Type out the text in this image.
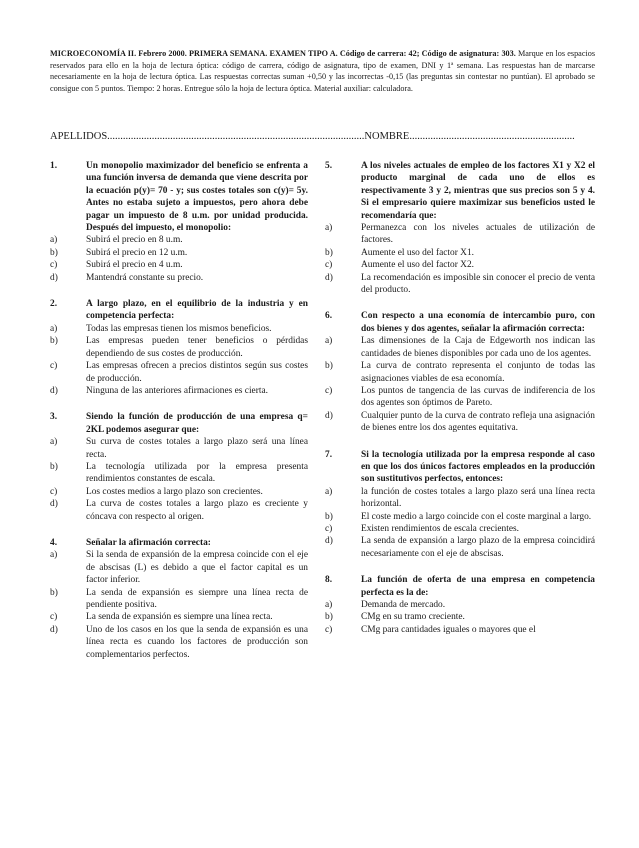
MICROECONOMÍA II. Febrero 2000. PRIMERA SEMANA. EXAMEN TIPO A. Código de carrera: 42; Código de asignatura: 303. Marque en los espacios reservados para ello en la hoja de lectura óptica: código de carrera, código de asignatura, tipo de examen, DNI y 1ª semana. Las respuestas han de marcarse necesariamente en la hoja de lectura óptica. Las respuestas correctas suman +0,50 y las incorrectas -0,15 (las preguntas sin contestar no puntúan). El aprobado se consigue con 5 puntos. Tiempo: 2 horas. Entregue sólo la hoja de lectura óptica. Material auxiliar: calculadora.
APELLIDOS..................................................................................................NOMBRE...............................................................
1.	Un monopolio maximizador del beneficio se enfrenta a una función inversa de demanda que viene descrita por la ecuación p(y)= 70 - y; sus costes totales son c(y)= 5y. Antes no estaba sujeto a impuestos, pero ahora debe pagar un impuesto de 8 u.m. por unidad producida. Después del impuesto, el monopolio:
a)	Subirá el precio en 8 u.m.
b)	Subirá el precio en 12 u.m.
c)	Subirá el precio en 4 u.m.
d)	Mantendrá constante su precio.
2.	A largo plazo, en el equilibrio de la industria y en competencia perfecta:
a)	Todas las empresas tienen los mismos beneficios.
b)	Las empresas pueden tener beneficios o pérdidas dependiendo de sus costes de producción.
c)	Las empresas ofrecen a precios distintos según sus costes de producción.
d)	Ninguna de las anteriores afirmaciones es cierta.
3.	Siendo la función de producción de una empresa q= 2KL podemos asegurar que:
a)	Su curva de costes totales a largo plazo será una línea recta.
b)	La tecnología utilizada por la empresa presenta rendimientos constantes de escala.
c)	Los costes medios a largo plazo son crecientes.
d)	La curva de costes totales a largo plazo es creciente y cóncava con respecto al origen.
4.	Señalar la afirmación correcta:
a)	Si la senda de expansión de la empresa coincide con el eje de abscisas (L) es debido a que el factor capital es un factor inferior.
b)	La senda de expansión es siempre una línea recta de pendiente positiva.
c)	La senda de expansión es siempre una línea recta.
d)	Uno de los casos en los que la senda de expansión es una línea recta es cuando los factores de producción son complementarios perfectos.
5.	A los niveles actuales de empleo de los factores X1 y X2 el producto marginal de cada uno de ellos es respectivamente 3 y 2, mientras que sus precios son 5 y 4. Si el empresario quiere maximizar sus beneficios usted le recomendaría que:
a)	Permanezca con los niveles actuales de utilización de factores.
b)	Aumente el uso del factor X1.
c)	Aumente el uso del factor X2.
d)	La recomendación es imposible sin conocer el precio de venta del producto.
6.	Con respecto a una economía de intercambio puro, con dos bienes y dos agentes, señalar la afirmación correcta:
a)	Las dimensiones de la Caja de Edgeworth nos indican las cantidades de bienes disponibles por cada uno de los agentes.
b)	La curva de contrato representa el conjunto de todas las asignaciones viables de esa economía.
c)	Los puntos de tangencia de las curvas de indiferencia de los dos agentes son óptimos de Pareto.
d)	Cualquier punto de la curva de contrato refleja una asignación de bienes entre los dos agentes equitativa.
7.	Si la tecnología utilizada por la empresa responde al caso en que los dos únicos factores empleados en la producción son sustitutivos perfectos, entonces:
a)	la función de costes totales a largo plazo será una línea recta horizontal.
b)	El coste medio a largo coincide con el coste marginal a largo.
c)	Existen rendimientos de escala crecientes.
d)	La senda de expansión a largo plazo de la empresa coincidirá necesariamente con el eje de abscisas.
8.	La función de oferta de una empresa en competencia perfecta es la de:
a)	Demanda de mercado.
b)	CMg en su tramo creciente.
c)	CMg para cantidades iguales o mayores que el
